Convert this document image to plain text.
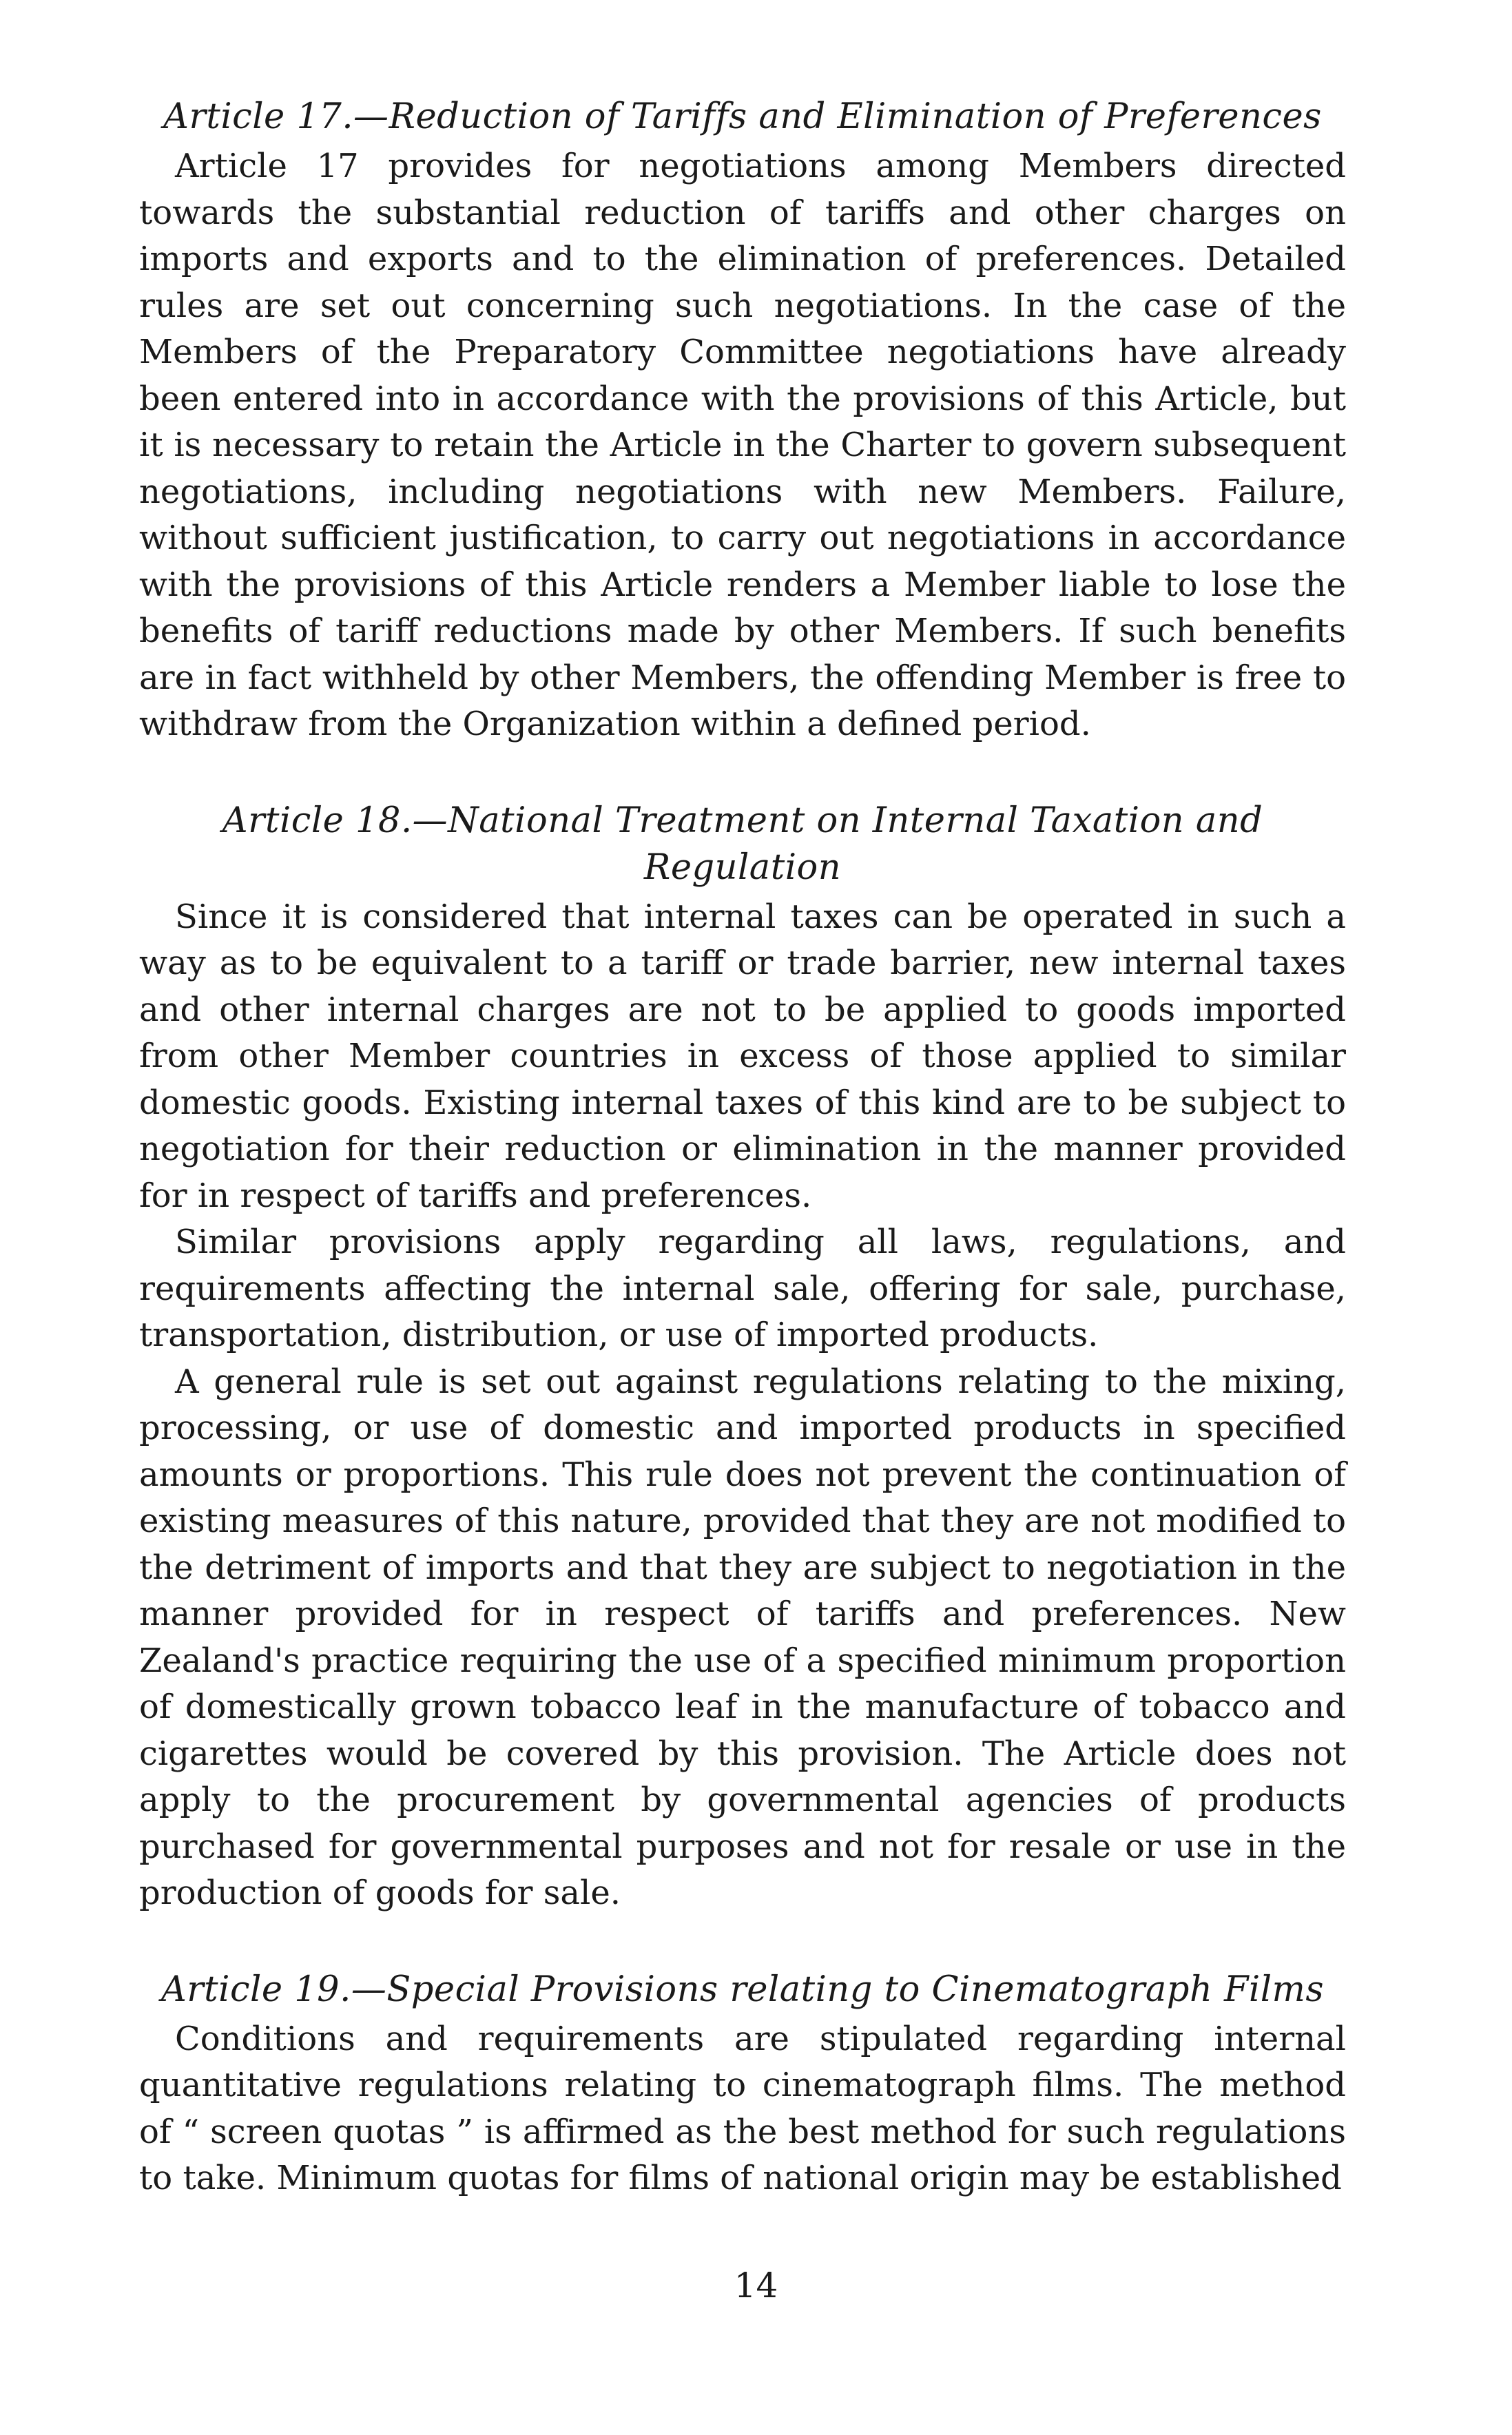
Article 17.—Reduction of Tariffs and Elimination of Preferences

Article 17 provides for negotiations among Members directed towards the substantial reduction of tariffs and other charges on imports and exports and to the elimination of preferences. Detailed rules are set out concerning such negotiations. In the case of the Members of the Preparatory Committee negotiations have already been entered into in accordance with the provisions of this Article, but it is necessary to retain the Article in the Charter to govern subsequent negotiations, including negotiations with new Members. Failure, without sufficient justification, to carry out negotiations in accordance with the provisions of this Article renders a Member liable to lose the benefits of tariff reductions made by other Members. If such benefits are in fact withheld by other Members, the offending Member is free to withdraw from the Organization within a defined period.

Article 18.—National Treatment on Internal Taxation and
Regulation

Since it is considered that internal taxes can be operated in such a way as to be equivalent to a tariff or trade barrier, new internal taxes and other internal charges are not to be applied to goods imported from other Member countries in excess of those applied to similar domestic goods. Existing internal taxes of this kind are to be subject to negotiation for their reduction or elimination in the manner provided for in respect of tariffs and preferences.

Similar provisions apply regarding all laws, regulations, and requirements affecting the internal sale, offering for sale, purchase, transportation, distribution, or use of imported products.

A general rule is set out against regulations relating to the mixing, processing, or use of domestic and imported products in specified amounts or proportions. This rule does not prevent the continuation of existing measures of this nature, provided that they are not modified to the detriment of imports and that they are subject to negotiation in the manner provided for in respect of tariffs and preferences. New Zealand's practice requiring the use of a specified minimum proportion of domestically grown tobacco leaf in the manufacture of tobacco and cigarettes would be covered by this provision. The Article does not apply to the procurement by governmental agencies of products purchased for governmental purposes and not for resale or use in the production of goods for sale.

Article 19.—Special Provisions relating to Cinematograph Films

Conditions and requirements are stipulated regarding internal quantitative regulations relating to cinematograph films. The method of “ screen quotas ” is affirmed as the best method for such regulations to take. Minimum quotas for films of national origin may be established

14
